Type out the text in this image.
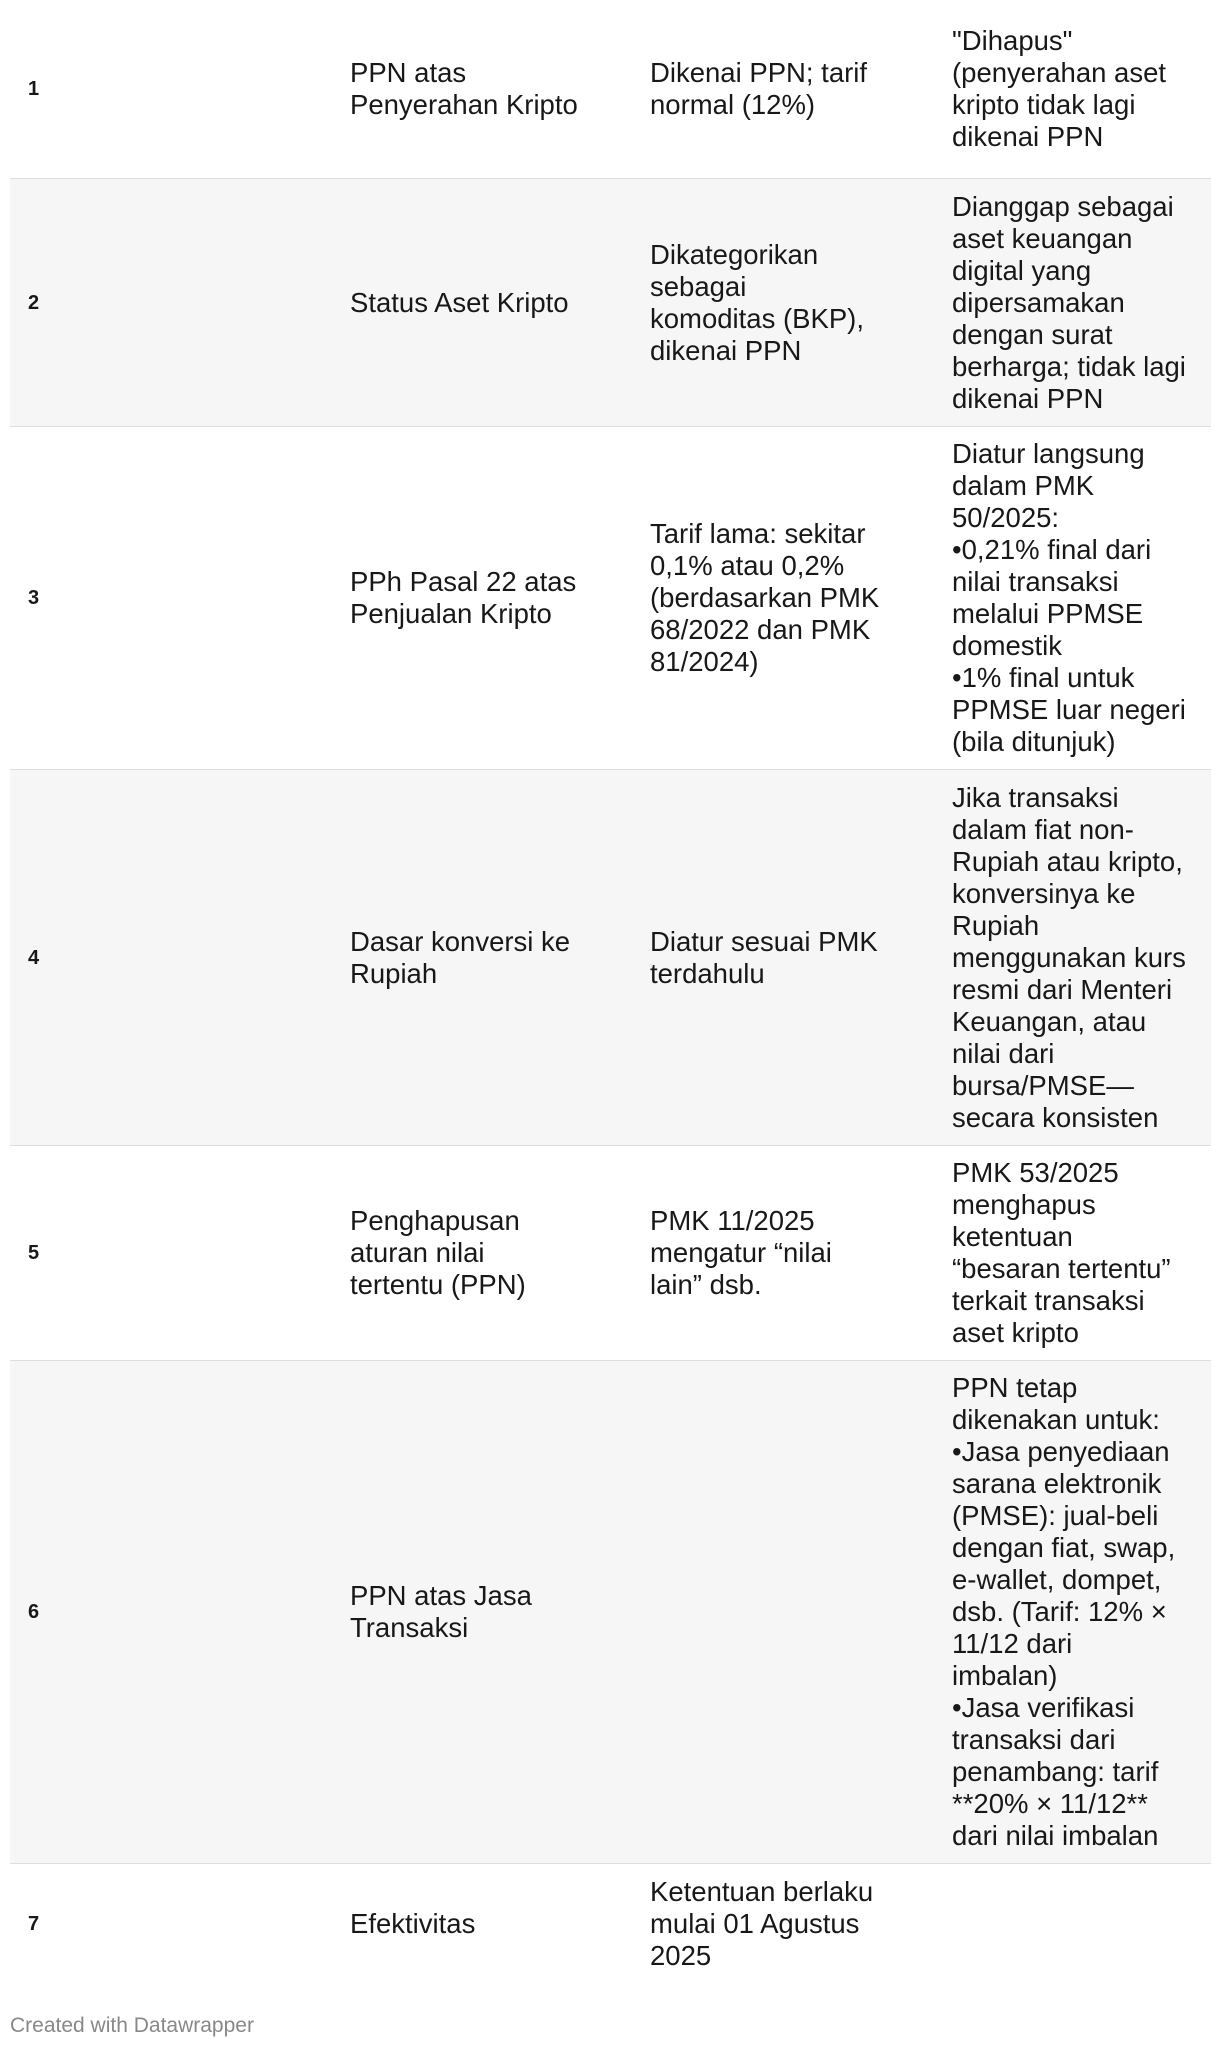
1
PPN atas
Penyerahan Kripto
Dikenai PPN; tarif
normal (12%)
"Dihapus"
(penyerahan aset
kripto tidak lagi
dikenai PPN
2	Status Aset Kripto
Dikategorikan
sebagai
komoditas (BKP),
dikenai PPN
Dianggap sebagai
aset keuangan
digital yang
dipersamakan
dengan surat
berharga; tidak lagi
dikenai PPN
3
PPh Pasal 22 atas
Penjualan Kripto
Tarif lama: sekitar
0,1% atau 0,2%
(berdasarkan PMK
68/2022 dan PMK
81/2024)
Diatur langsung
dalam PMK
50/2025:
•0,21% final dari
nilai transaksi
melalui PPMSE
domestik
•1% final untuk
PPMSE luar negeri
(bila ditunjuk)
4
Dasar konversi ke
Rupiah
Diatur sesuai PMK
terdahulu
Jika transaksi
dalam fiat non-
Rupiah atau kripto,
konversinya ke
Rupiah
menggunakan kurs
resmi dari Menteri
Keuangan, atau
nilai dari
bursa/PMSE—
secara konsisten
5
Penghapusan
aturan nilai
tertentu (PPN)
PMK 11/2025
mengatur “nilai
lain” dsb.
PMK 53/2025
menghapus
ketentuan
“besaran tertentu”
terkait transaksi
aset kripto
6
PPN atas Jasa
Transaksi
PPN tetap
dikenakan untuk:
•Jasa penyediaan
sarana elektronik
(PMSE): jual-beli
dengan fiat, swap,
e-wallet, dompet,
dsb. (Tarif: 12% ×
11/12 dari
imbalan)
•Jasa verifikasi
transaksi dari
penambang: tarif
**20% × 11/12**
dari nilai imbalan
7	Efektivitas
Ketentuan berlaku
mulai 01 Agustus
2025
Created with Datawrapper
